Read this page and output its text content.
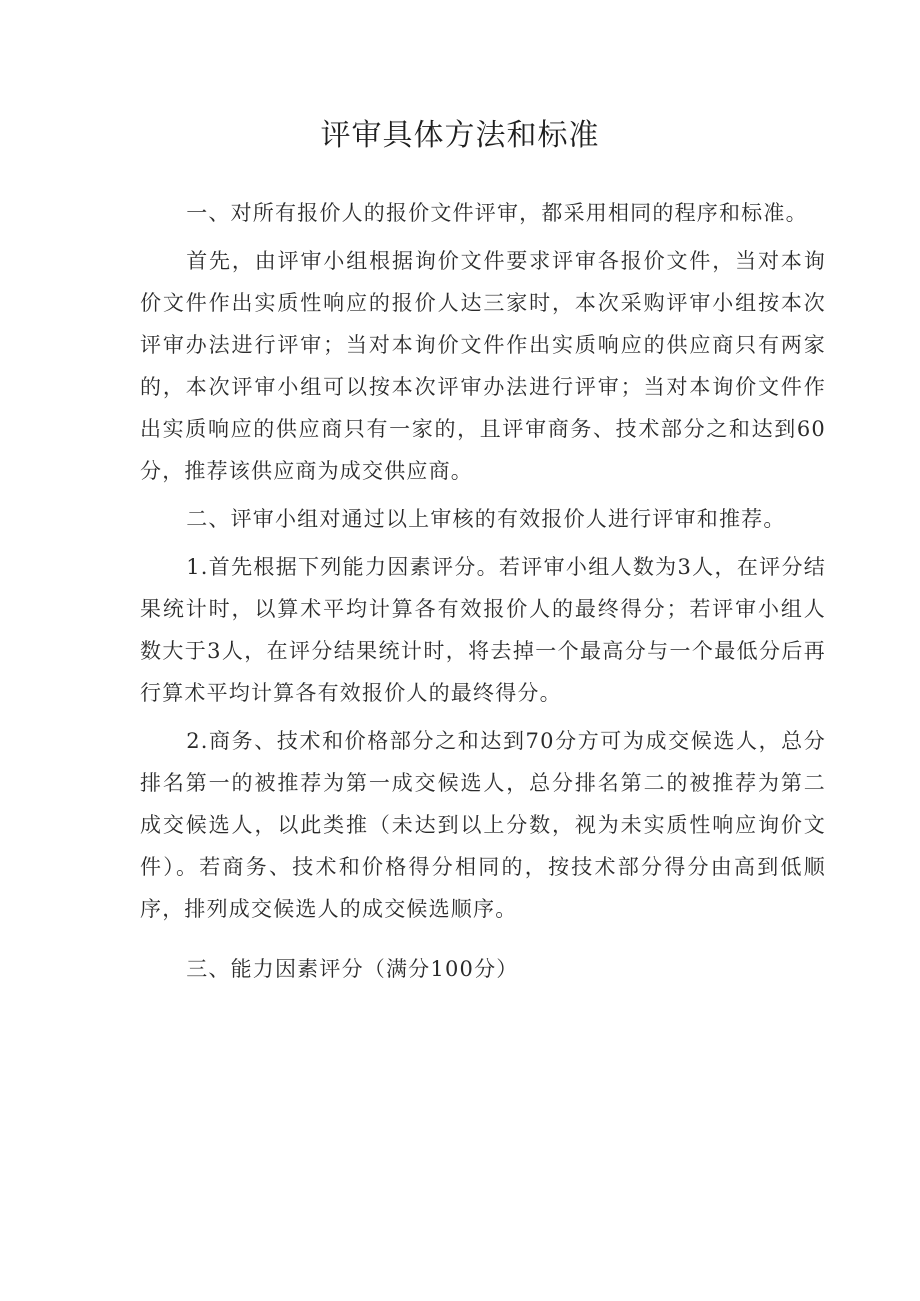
评审具体方法和标准

一、对所有报价人的报价文件评审，都采用相同的程序和标准。

首先，由评审小组根据询价文件要求评审各报价文件，当对本询价文件作出实质性响应的报价人达三家时，本次采购评审小组按本次评审办法进行评审；当对本询价文件作出实质响应的供应商只有两家的，本次评审小组可以按本次评审办法进行评审；当对本询价文件作出实质响应的供应商只有一家的，且评审商务、技术部分之和达到60分，推荐该供应商为成交供应商。

二、评审小组对通过以上审核的有效报价人进行评审和推荐。

1.首先根据下列能力因素评分。若评审小组人数为3人，在评分结果统计时，以算术平均计算各有效报价人的最终得分；若评审小组人数大于3人，在评分结果统计时，将去掉一个最高分与一个最低分后再行算术平均计算各有效报价人的最终得分。

2.商务、技术和价格部分之和达到70分方可为成交候选人，总分排名第一的被推荐为第一成交候选人，总分排名第二的被推荐为第二成交候选人，以此类推（未达到以上分数，视为未实质性响应询价文件）。若商务、技术和价格得分相同的，按技术部分得分由高到低顺序，排列成交候选人的成交候选顺序。

三、能力因素评分（满分100分）
